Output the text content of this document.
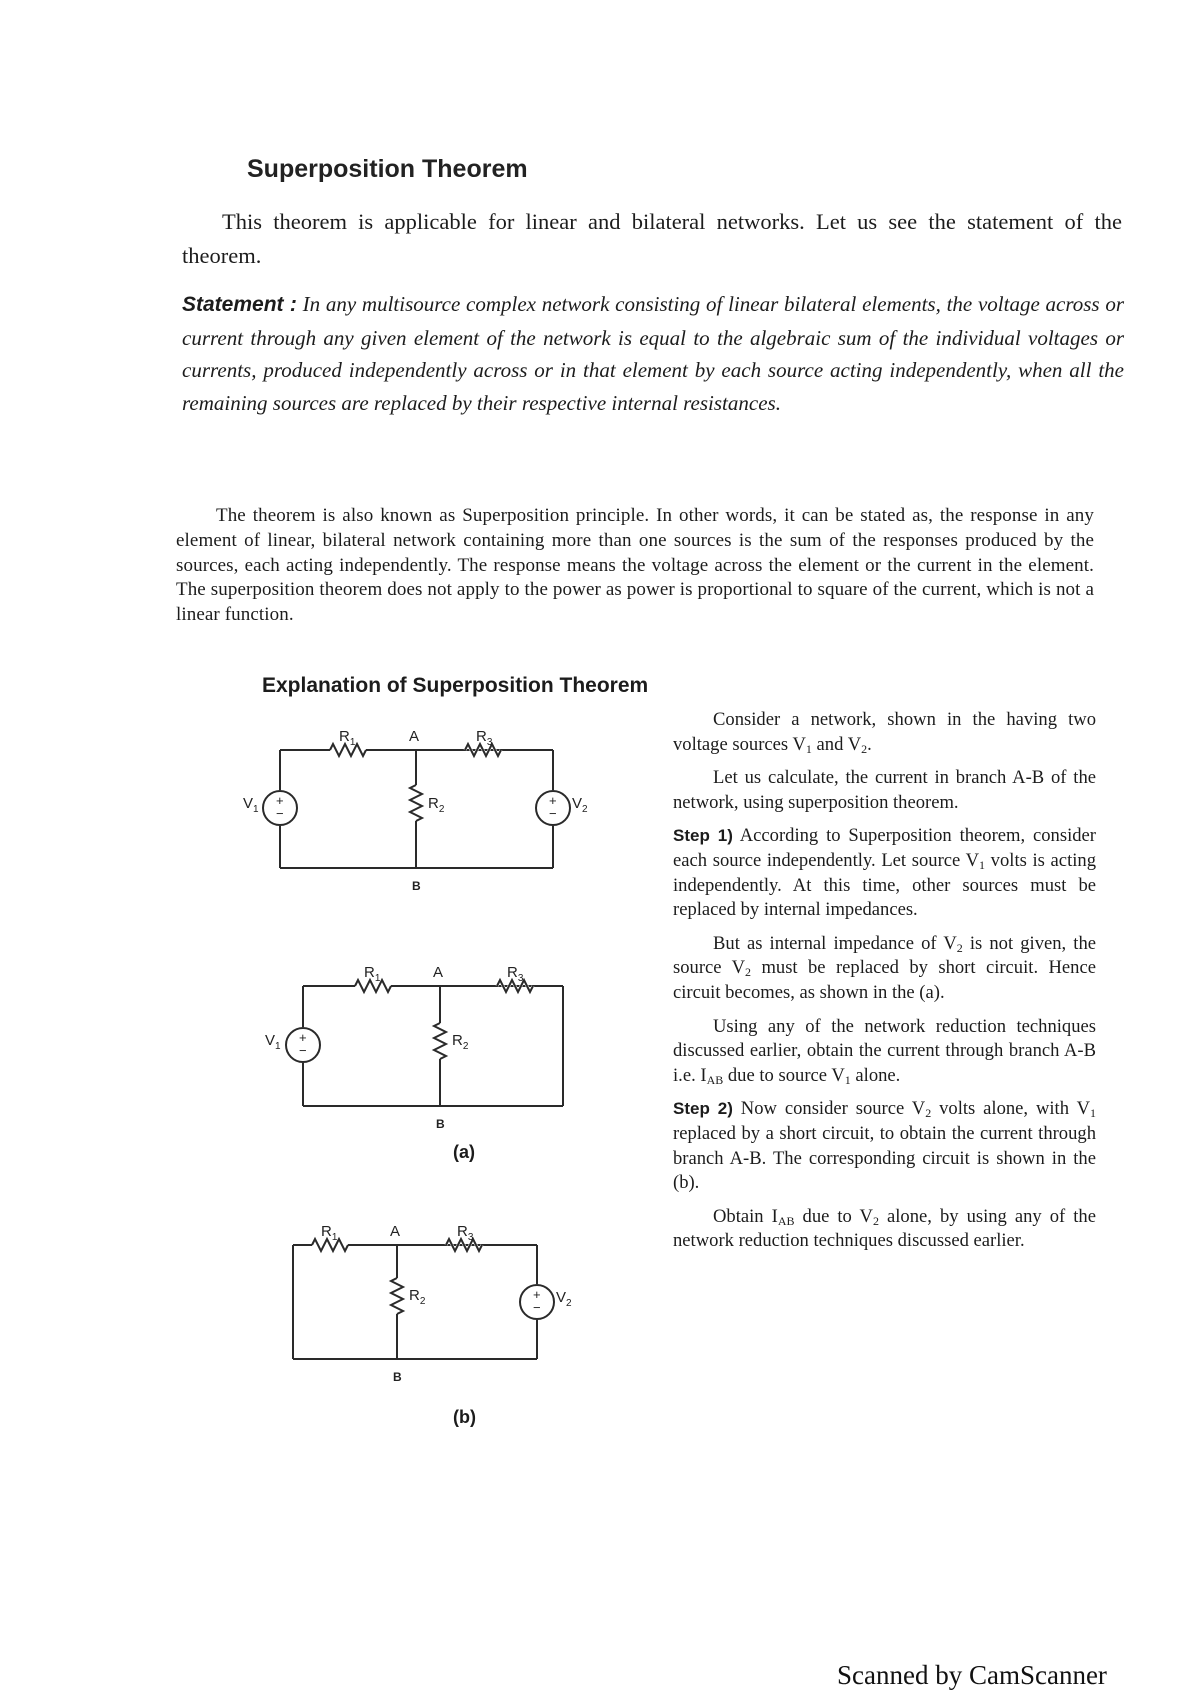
Superposition Theorem
This theorem is applicable for linear and bilateral networks. Let us see the statement of the theorem.
Statement : In any multisource complex network consisting of linear bilateral elements, the voltage across or current through any given element of the network is equal to the algebraic sum of the individual voltages or currents, produced independently across or in that element by each source acting independently, when all the remaining sources are replaced by their respective internal resistances.
The theorem is also known as Superposition principle. In other words, it can be stated as, the response in any element of linear, bilateral network containing more than one sources is the sum of the responses produced by the sources, each acting independently. The response means the voltage across the element or the current in the element. The superposition theorem does not apply to the power as power is proportional to square of the current, which is not a linear function.
Explanation of Superposition Theorem
$R_1$	A	$R_3$
$R_2$
B
$V_1$	$V_2$
+
−
+
−
$R_1$	A	$R_3$
$R_2$
B
$V_1$
+
−
$R_1$	A	$R_3$
$R_2$
B
$V_2$
+
−
(a)
(b)

Consider a network, shown in the having two voltage sources $V_1$ and $V_2$.

Let us calculate, the current in branch A-B of the network, using superposition theorem.

Step 1) According to Superposition theorem, consider each source independently. Let source $V_1$ volts is acting independently. At this time, other sources must be replaced by internal impedances.

But as internal impedance of $V_2$ is not given, the source $V_2$ must be replaced by short circuit. Hence circuit becomes, as shown in the (a).

Using any of the network reduction techniques discussed earlier, obtain the current through branch A-B i.e. $I_{AB}$ due to source $V_1$ alone.

Step 2) Now consider source $V_2$ volts alone, with $V_1$ replaced by a short circuit, to obtain the current through branch A-B. The corresponding circuit is shown in the (b).

Obtain $I_{AB}$ due to $V_2$ alone, by using any of the network reduction techniques discussed earlier.

Scanned by CamScanner
